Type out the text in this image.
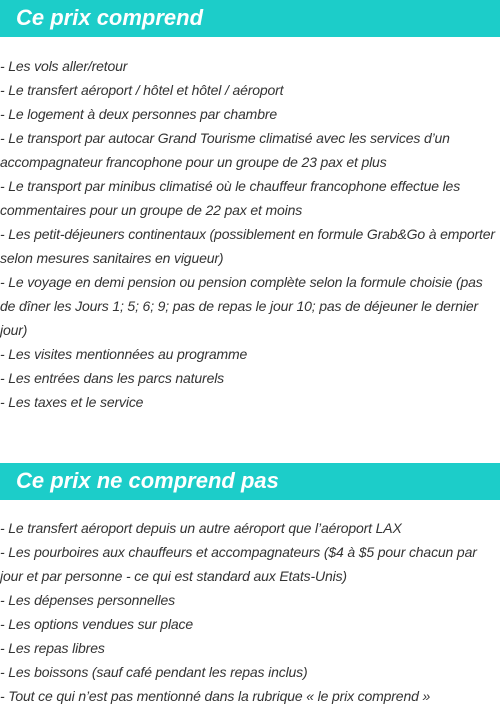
Ce prix comprend
- Les vols aller/retour
- Le transfert aéroport / hôtel et hôtel / aéroport
- Le logement à deux personnes par chambre
- Le transport par autocar Grand Tourisme climatisé avec les services d’un accompagnateur francophone pour un groupe de 23 pax et plus
- Le transport par minibus climatisé où le chauffeur francophone effectue les commentaires pour un groupe de 22 pax et moins
- Les petit-déjeuners continentaux (possiblement en formule Grab&Go à emporter selon mesures sanitaires en vigueur)
- Le voyage en demi pension ou pension complète selon la formule choisie (pas de dîner les Jours 1; 5; 6; 9; pas de repas le jour 10; pas de déjeuner le dernier jour)
- Les visites mentionnées au programme
- Les entrées dans les parcs naturels
- Les taxes et le service
Ce prix ne comprend pas
- Le transfert aéroport depuis un autre aéroport que l’aéroport LAX
- Les pourboires aux chauffeurs et accompagnateurs ($4 à $5 pour chacun par jour et par personne - ce qui est standard aux Etats-Unis)
- Les dépenses personnelles
- Les options vendues sur place
- Les repas libres
- Les boissons (sauf café pendant les repas inclus)
- Tout ce qui n’est pas mentionné dans la rubrique « le prix comprend »
